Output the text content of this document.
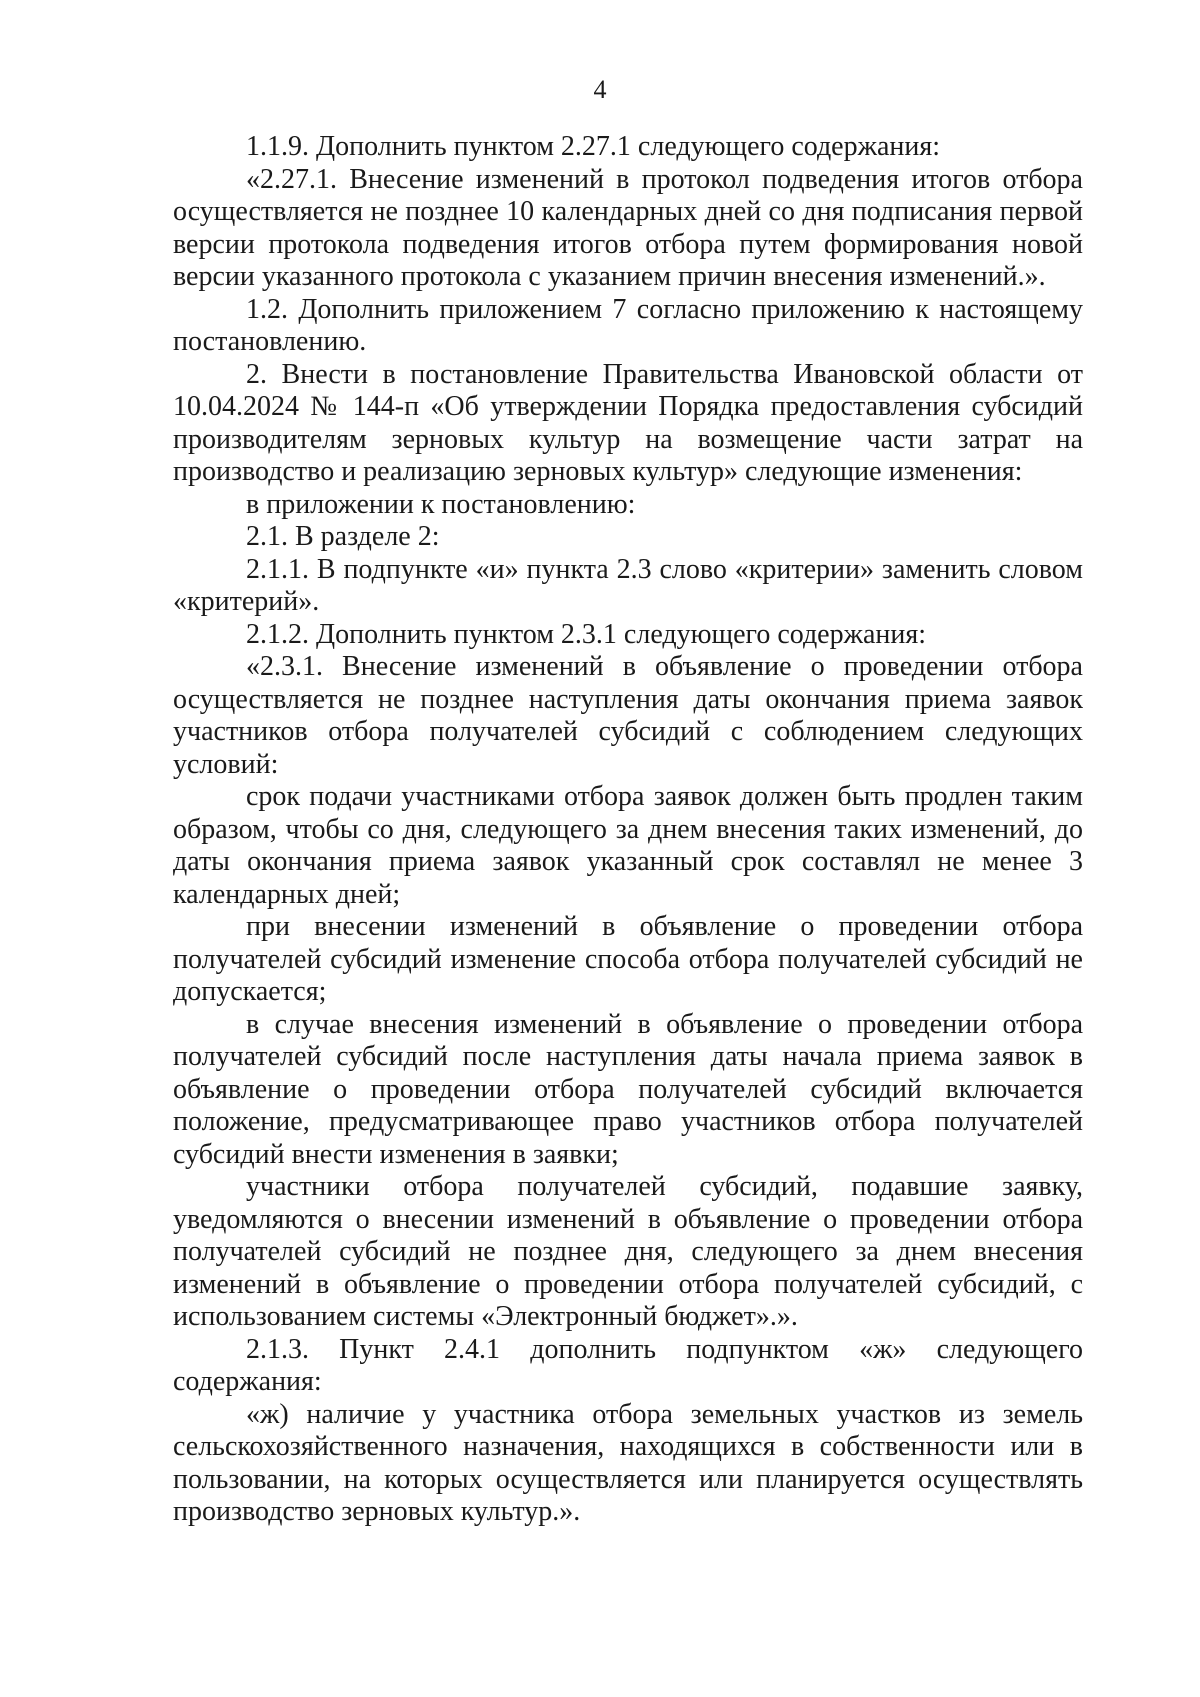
4

1.1.9. Дополнить пунктом 2.27.1 следующего содержания:

«2.27.1. Внесение изменений в протокол подведения итогов отбора осуществляется не позднее 10 календарных дней со дня подписания первой версии протокола подведения итогов отбора путем формирования новой версии указанного протокола с указанием причин внесения изменений.».

1.2. Дополнить приложением 7 согласно приложению к настоящему постановлению.

2. Внести в постановление Правительства Ивановской области от 10.04.2024 № 144-п «Об утверждении Порядка предоставления субсидий производителям зерновых культур на возмещение части затрат на производство и реализацию зерновых культур» следующие изменения:

в приложении к постановлению:

2.1. В разделе 2:

2.1.1. В подпункте «и» пункта 2.3 слово «критерии» заменить словом «критерий».

2.1.2. Дополнить пунктом 2.3.1 следующего содержания:

«2.3.1. Внесение изменений в объявление о проведении отбора осуществляется не позднее наступления даты окончания приема заявок участников отбора получателей субсидий с соблюдением следующих условий:

срок подачи участниками отбора заявок должен быть продлен таким образом, чтобы со дня, следующего за днем внесения таких изменений, до даты окончания приема заявок указанный срок составлял не менее 3 календарных дней;

при внесении изменений в объявление о проведении отбора получателей субсидий изменение способа отбора получателей субсидий не допускается;

в случае внесения изменений в объявление о проведении отбора получателей субсидий после наступления даты начала приема заявок в объявление о проведении отбора получателей субсидий включается положение, предусматривающее право участников отбора получателей субсидий внести изменения в заявки;

участники отбора получателей субсидий, подавшие заявку, уведомляются о внесении изменений в объявление о проведении отбора получателей субсидий не позднее дня, следующего за днем внесения изменений в объявление о проведении отбора получателей субсидий, с использованием системы «Электронный бюджет».».

2.1.3. Пункт 2.4.1 дополнить подпунктом «ж» следующего содержания:

«ж) наличие у участника отбора земельных участков из земель сельскохозяйственного назначения, находящихся в собственности или в пользовании, на которых осуществляется или планируется осуществлять производство зерновых культур.».
